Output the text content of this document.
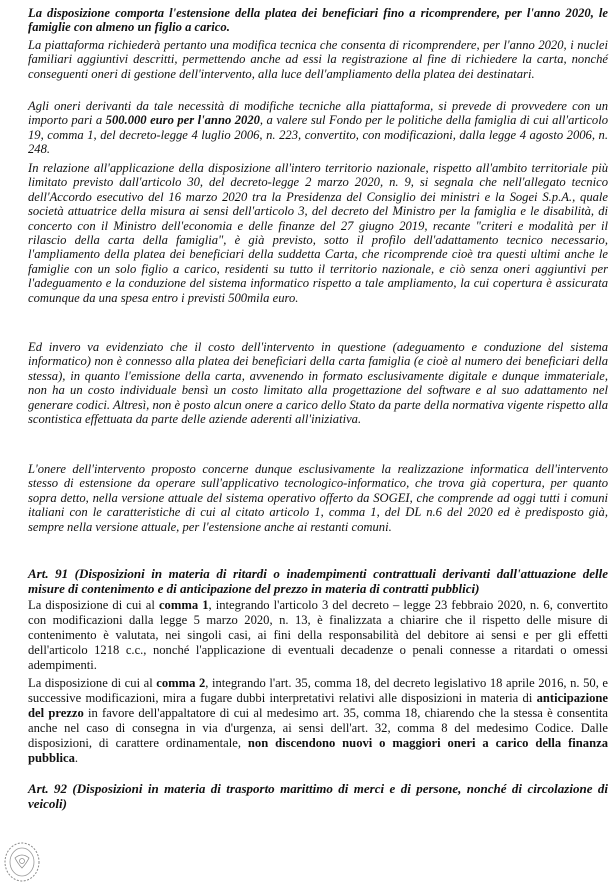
La disposizione comporta l'estensione della platea dei beneficiari fino a ricomprendere, per l'anno 2020, le famiglie con almeno un figlio a carico.

La piattaforma richiederà pertanto una modifica tecnica che consenta di ricomprendere, per l'anno 2020, i nuclei familiari aggiuntivi descritti, permettendo anche ad essi la registrazione al fine di richiedere la carta, nonché conseguenti oneri di gestione dell'intervento, alla luce dell'ampliamento della platea dei destinatari.

Agli oneri derivanti da tale necessità di modifiche tecniche alla piattaforma, si prevede di provvedere con un importo pari a 500.000 euro per l'anno 2020, a valere sul Fondo per le politiche della famiglia di cui all'articolo 19, comma 1, del decreto-legge 4 luglio 2006, n. 223, convertito, con modificazioni, dalla legge 4 agosto 2006, n. 248.

In relazione all'applicazione della disposizione all'intero territorio nazionale, rispetto all'ambito territoriale più limitato previsto dall'articolo 30, del decreto-legge 2 marzo 2020, n. 9, si segnala che nell'allegato tecnico dell'Accordo esecutivo del 16 marzo 2020 tra la Presidenza del Consiglio dei ministri e la Sogei S.p.A., quale società attuatrice della misura ai sensi dell'articolo 3, del decreto del Ministro per la famiglia e le disabilità, di concerto con il Ministro dell'economia e delle finanze del 27 giugno 2019, recante "criteri e modalità per il rilascio della carta della famiglia", è già previsto, sotto il profilo dell'adattamento tecnico necessario, l'ampliamento della platea dei beneficiari della suddetta Carta, che ricomprende cioè tra questi ultimi anche le famiglie con un solo figlio a carico, residenti su tutto il territorio nazionale, e ciò senza oneri aggiuntivi per l'adeguamento e la conduzione del sistema informatico rispetto a tale ampliamento, la cui copertura è assicurata comunque da una spesa entro i previsti 500mila euro.

Ed invero va evidenziato che il costo dell'intervento in questione (adeguamento e conduzione del sistema informatico) non è connesso alla platea dei beneficiari della carta famiglia (e cioè al numero dei beneficiari della stessa), in quanto l'emissione della carta, avvenendo in formato esclusivamente digitale e dunque immateriale, non ha un costo individuale bensì un costo limitato alla progettazione del software e al suo adattamento nel generare codici. Altresì, non è posto alcun onere a carico dello Stato da parte della normativa vigente rispetto alla scontistica effettuata da parte delle aziende aderenti all'iniziativa.

L'onere dell'intervento proposto concerne dunque esclusivamente la realizzazione informatica dell'intervento stesso di estensione da operare sull'applicativo tecnologico-informatico, che trova già copertura, per quanto sopra detto, nella versione attuale del sistema operativo offerto da SOGEI, che comprende ad oggi tutti i comuni italiani con le caratteristiche di cui al citato articolo 1, comma 1, del DL n.6 del 2020 ed è predisposto già, sempre nella versione attuale, per l'estensione anche ai restanti comuni.

Art. 91 (Disposizioni in materia di ritardi o inadempimenti contrattuali derivanti dall'attuazione delle misure di contenimento e di anticipazione del prezzo in materia di contratti pubblici)

La disposizione di cui al comma 1, integrando l'articolo 3 del decreto – legge 23 febbraio 2020, n. 6, convertito con modificazioni dalla legge 5 marzo 2020, n. 13, è finalizzata a chiarire che il rispetto delle misure di contenimento è valutata, nei singoli casi, ai fini della responsabilità del debitore ai sensi e per gli effetti dell'articolo 1218 c.c., nonché l'applicazione di eventuali decadenze o penali connesse a ritardati o omessi adempimenti.

La disposizione di cui al comma 2, integrando l'art. 35, comma 18, del decreto legislativo 18 aprile 2016, n. 50, e successive modificazioni, mira a fugare dubbi interpretativi relativi alle disposizioni in materia di anticipazione del prezzo in favore dell'appaltatore di cui al medesimo art. 35, comma 18, chiarendo che la stessa è consentita anche nel caso di consegna in via d'urgenza, ai sensi dell'art. 32, comma 8 del medesimo Codice. Dalle disposizioni, di carattere ordinamentale, non discendono nuovi o maggiori oneri a carico della finanza pubblica.

Art. 92 (Disposizioni in materia di trasporto marittimo di merci e di persone, nonché di circolazione di veicoli)
